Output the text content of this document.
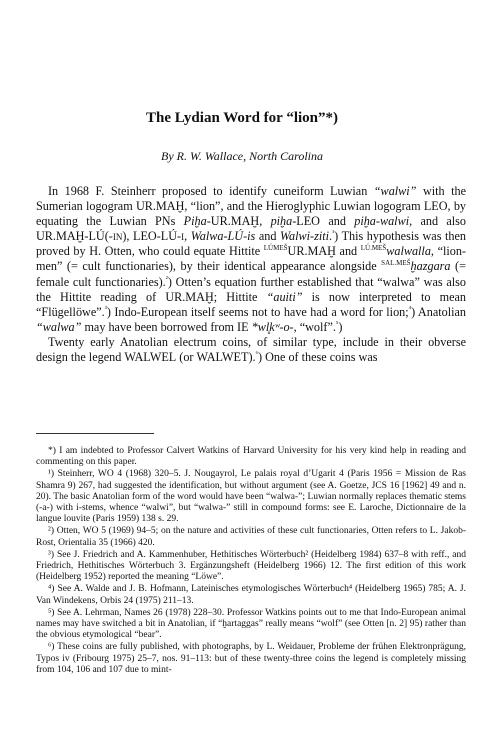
The Lydian Word for “lion”*)
By R. W. Wallace, North Carolina

In 1968 F. Steinherr proposed to identify cuneiform Luwian “walwi” with the Sumerian logogram UR.MAḪ, “lion”, and the Hieroglyphic Luwian logogram LEO, by equating the Luwian PNs Piḫa-UR.MAḪ, piḫa-LEO and piḫa-walwi, and also UR.MAḪ-LÚ(-in), LEO-LÚ-i, Walwa-LÚ-is and Walwi-ziti.$^{^1}$) This hypothesis was then proved by H. Otten, who could equate Hittite $^{LÚMEŠ}$UR.MAḪ and $^{LÚ.MEŠ}$walwalla, “lion-men” (= cult functionaries), by their identical appearance alongside $^{SAL.MEŠ}$ḫazgara (= female cult functionaries).$^{^2}$) Otten’s equation further established that “walwa” was also the Hittite reading of UR.MAḪ; Hittite “auiti” is now interpreted to mean “Flügellöwe”.$^{^3}$) Indo-European itself seems not to have had a word for lion;$^{^4}$) Anatolian “walwa” may have been borrowed from IE *wl̥kʷ-o-, “wolf”.$^{^5}$)

Twenty early Anatolian electrum coins, of similar type, include in their obverse design the legend WALWEL (or WALWET).$^{^6}$) One of these coins was

*) I am indebted to Professor Calvert Watkins of Harvard University for his very kind help in reading and commenting on this paper.

¹) Steinherr, WO 4 (1968) 320–5. J. Nougayrol, Le palais royal d’Ugarit 4 (Paris 1956 = Mission de Ras Shamra 9) 267, had suggested the identification, but without argument (see A. Goetze, JCS 16 [1962] 49 and n. 20). The basic Anatolian form of the word would have been “walwa-”; Luwian normally replaces thematic stems (-a-) with i-stems, whence “walwi”, but “walwa-” still in compound forms: see E. Laroche, Dictionnaire de la langue louvite (Paris 1959) 138 s. 29.

²) Otten, WO 5 (1969) 94–5; on the nature and activities of these cult functionaries, Otten refers to L. Jakob-Rost, Orientalia 35 (1966) 420.

³) See J. Friedrich and A. Kammenhuber, Hethitisches Wörterbuch² (Heidelberg 1984) 637–8 with reff., and Friedrich, Hethitisches Wörterbuch 3. Ergänzungsheft (Heidelberg 1966) 12. The first edition of this work (Heidelberg 1952) reported the meaning “Löwe”.

⁴) See A. Walde and J. B. Hofmann, Lateinisches etymologisches Wörterbuch⁴ (Heidelberg 1965) 785; A. J. Van Windekens, Orbis 24 (1975) 211–13.

⁵) See A. Lehrman, Names 26 (1978) 228–30. Professor Watkins points out to me that Indo-European animal names may have switched a bit in Anatolian, if “ḫartaggas” really means “wolf” (see Otten [n. 2] 95) rather than the obvious etymological “bear”.

⁶) These coins are fully published, with photographs, by L. Weidauer, Probleme der frühen Elektronprägung, Typos iv (Fribourg 1975) 25–7, nos. 91–113: but of these twenty-three coins the legend is completely missing from 104, 106 and 107 due to mint-
